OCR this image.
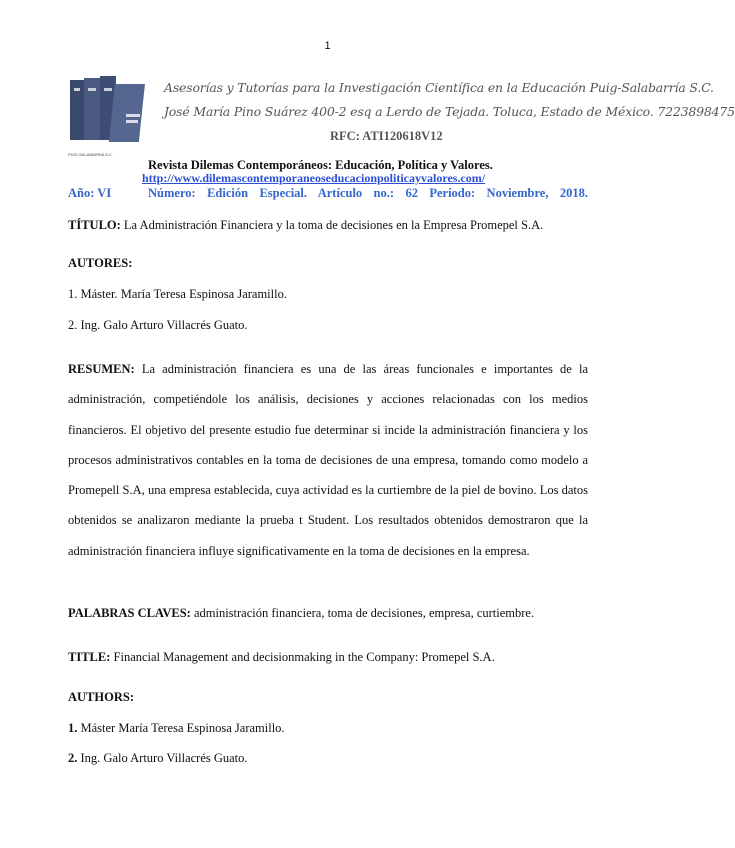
1
PUIG-SALABARRIA S.C.
Asesorías y Tutorías para la Investigación Científica en la Educación Puig-Salabarría S.C.
José María Pino Suárez 400-2 esq a Lerdo de Tejada. Toluca, Estado de México. 7223898475
RFC: ATI120618V12
Revista Dilemas Contemporáneos: Educación, Política y Valores.
http://www.dilemascontemporaneoseducacionpoliticayvalores.com/
Año: VI	Número: Edición Especial. Artículo no.: 62 Período: Noviembre, 2018.
TÍTULO: La Administración Financiera y la toma de decisiones en la Empresa Promepel S.A.
AUTORES:
1. Máster. María Teresa Espinosa Jaramillo.
2. Ing. Galo Arturo Villacrés Guato.
RESUMEN: La administración financiera es una de las áreas funcionales e importantes de la administración, competiéndole los análisis, decisiones y acciones relacionadas con los medios financieros. El objetivo del presente estudio fue determinar si incide la administración financiera y los procesos administrativos contables en la toma de decisiones de una empresa, tomando como modelo a Promepell S.A, una empresa establecida, cuya actividad es la curtiembre de la piel de bovino. Los datos obtenidos se analizaron mediante la prueba t Student. Los resultados obtenidos demostraron que la administración financiera influye significativamente en la toma de decisiones en la empresa.
PALABRAS CLAVES: administración financiera, toma de decisiones, empresa, curtiembre.
TITLE: Financial Management and decisionmaking in the Company: Promepel S.A.
AUTHORS:
1. Máster María Teresa Espinosa Jaramillo.
2. Ing. Galo Arturo Villacrés Guato.
